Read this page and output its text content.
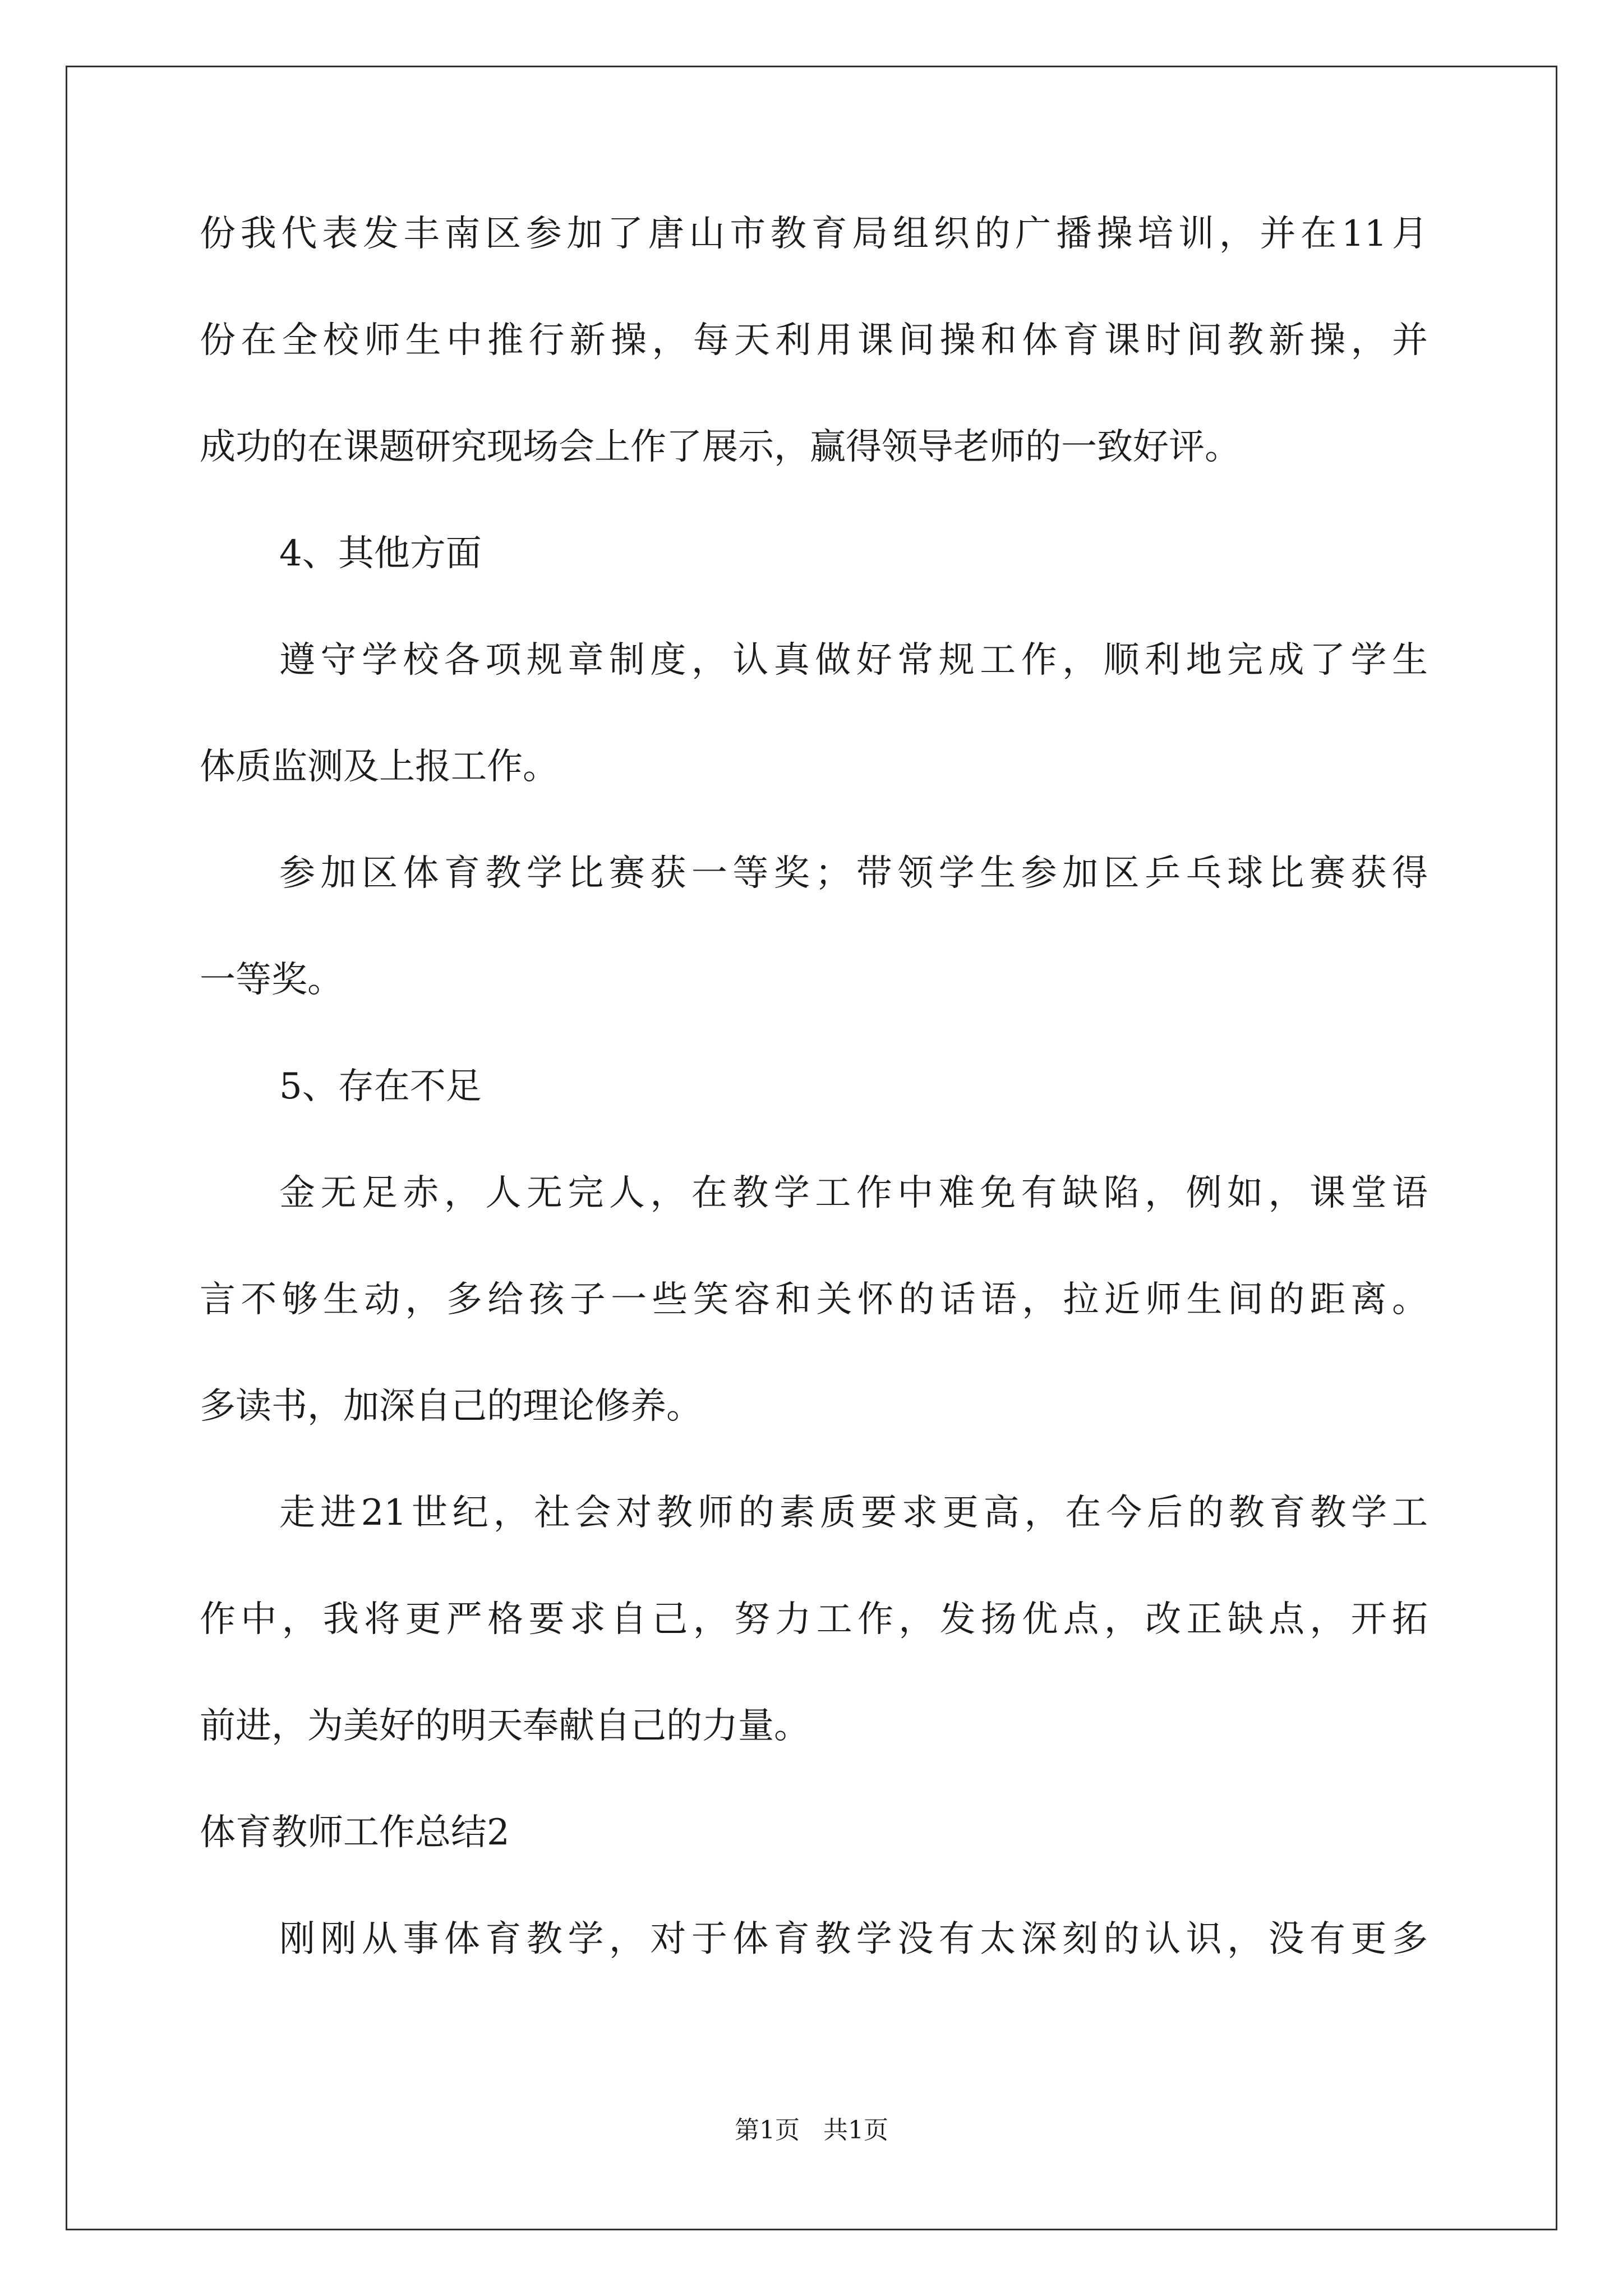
份我代表发丰南区参加了唐山市教育局组织的广播操培训，并在11月
份在全校师生中推行新操，每天利用课间操和体育课时间教新操，并
成功的在课题研究现场会上作了展示，赢得领导老师的一致好评。
4、其他方面
遵守学校各项规章制度，认真做好常规工作，顺利地完成了学生
体质监测及上报工作。
参加区体育教学比赛获一等奖；带领学生参加区乒乓球比赛获得
一等奖。
5、存在不足
金无足赤，人无完人，在教学工作中难免有缺陷，例如，课堂语
言不够生动，多给孩子一些笑容和关怀的话语，拉近师生间的距离。
多读书，加深自己的理论修养。
走进21世纪，社会对教师的素质要求更高，在今后的教育教学工
作中，我将更严格要求自己，努力工作，发扬优点，改正缺点，开拓
前进，为美好的明天奉献自己的力量。
体育教师工作总结2
刚刚从事体育教学，对于体育教学没有太深刻的认识，没有更多
第1页   共1页
